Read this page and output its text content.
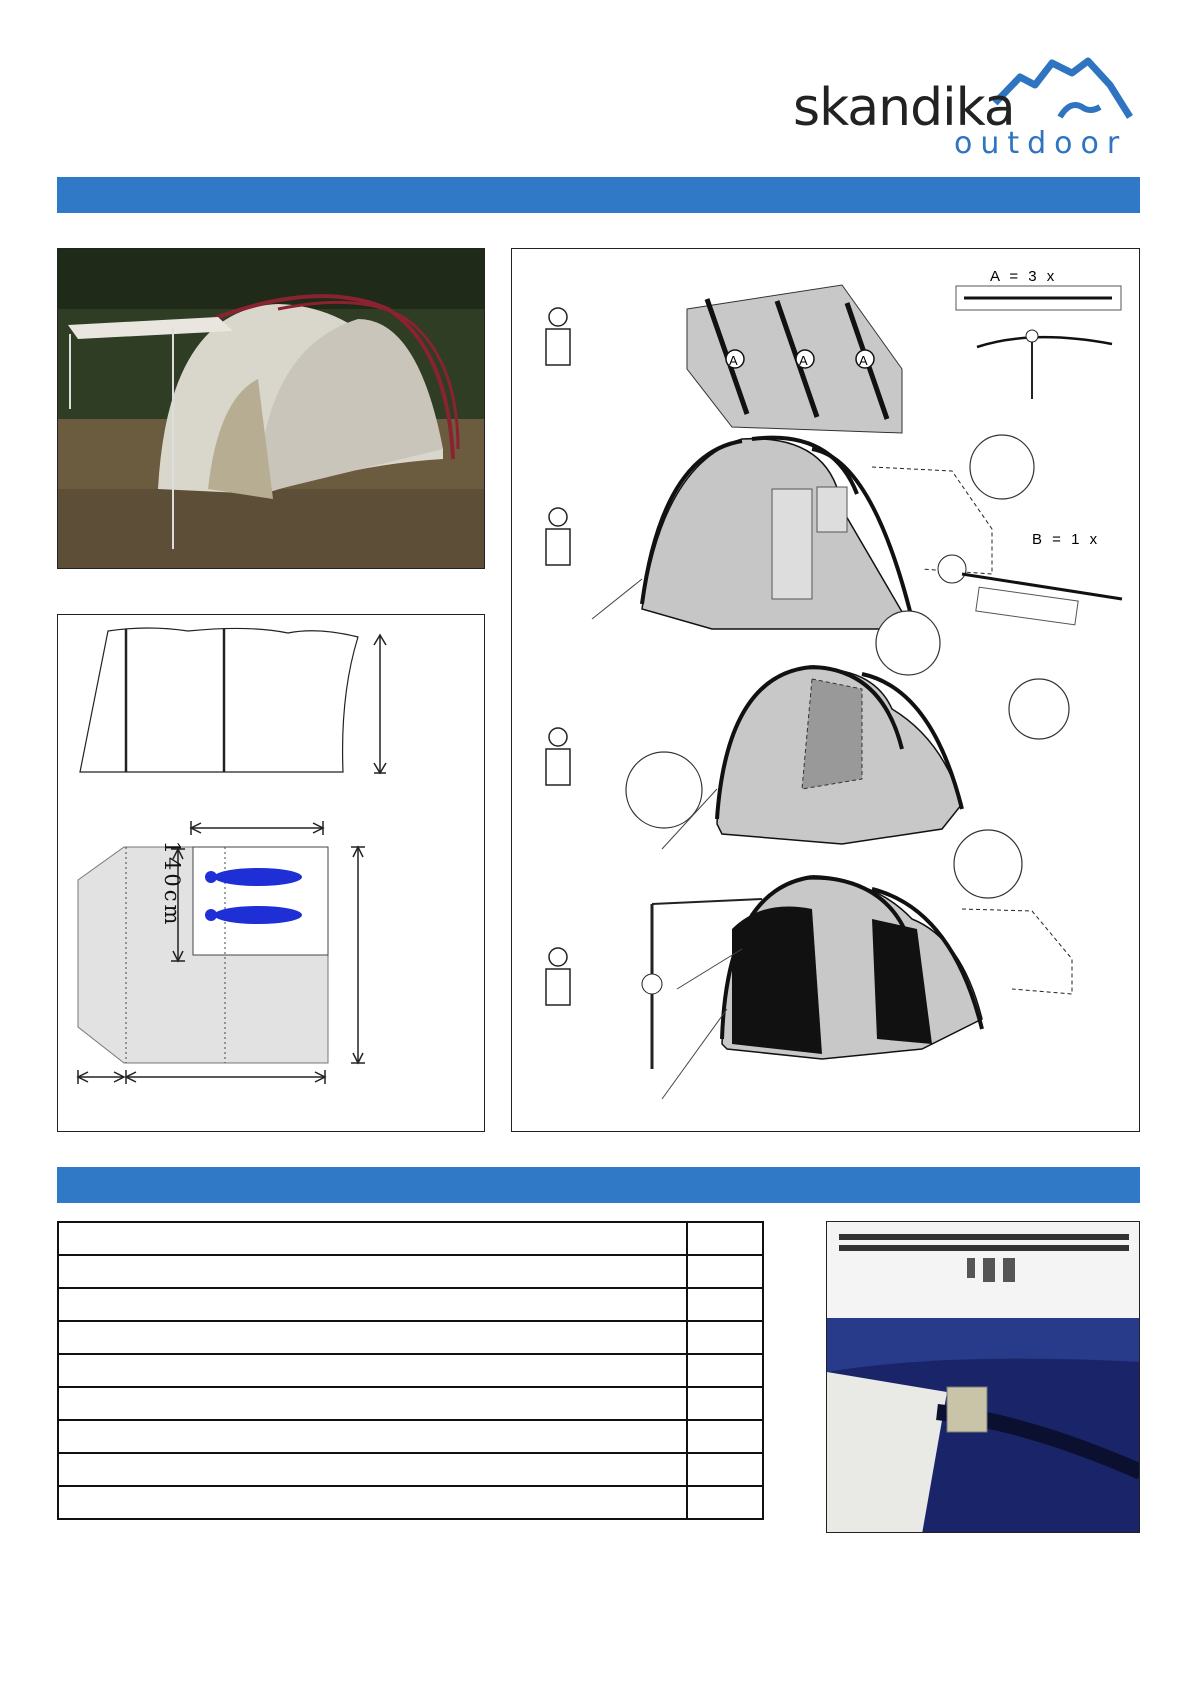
skandika
outdoor
140cm
A	A	A
A = 3 x
B = 1 x
